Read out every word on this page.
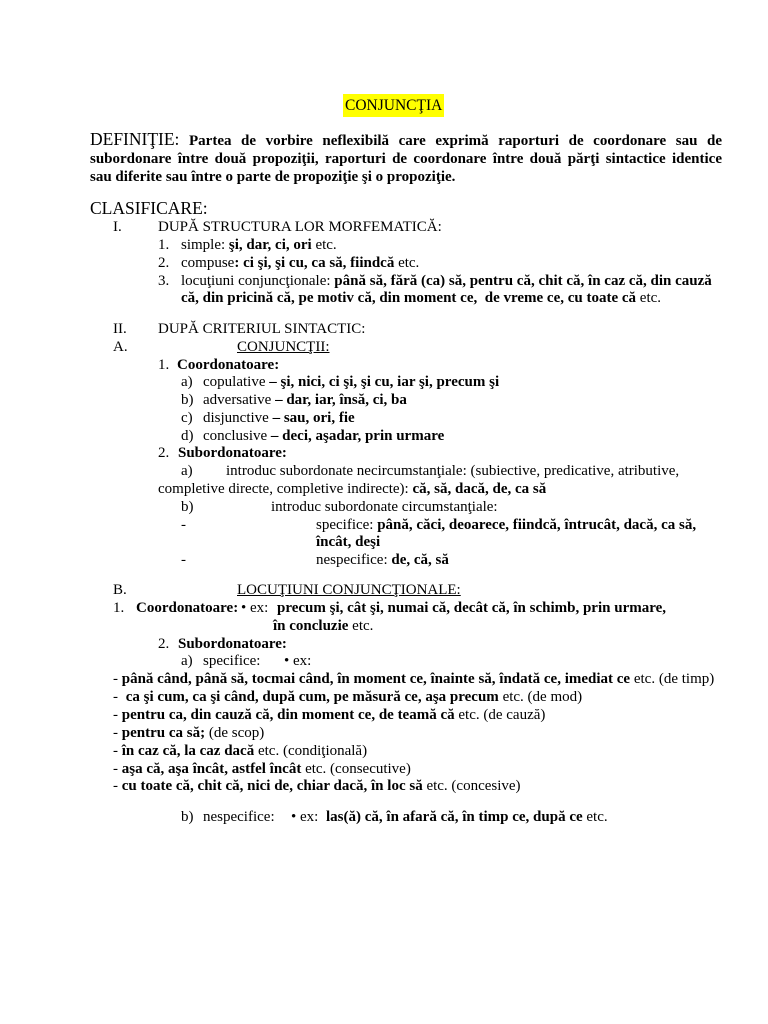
CONJUNCŢIA
DEFINIŢIE: Partea de vorbire neflexibilă care exprimă raporturi de coordonare sau de
subordonare între două propoziţii, raporturi de coordonare între două părţi sintactice identice
sau diferite sau între o parte de propoziţie şi o propoziţie.
CLASIFICARE:
I. DUPĂ STRUCTURA LOR MORFEMATICĂ:
1. simple: şi, dar, ci, ori etc.
2. compuse: ci şi, şi cu, ca să, fiindcă etc.
3. locuţiuni conjuncţionale: până să, fără (ca) să, pentru că, chit că, în caz că, din cauză
că, din pricină că, pe motiv că, din moment ce,  de vreme ce, cu toate că etc.
II. DUPĂ CRITERIUL SINTACTIC:
A.	CONJUNCŢII:
1. Coordonatoare:
a) copulative – şi, nici, ci şi, şi cu, iar şi, precum şi
b) adversative – dar, iar, însă, ci, ba
c) disjunctive – sau, ori, fie
d) conclusive – deci, aşadar, prin urmare
2. Subordonatoare:
a) introduc subordonate necircumstanţiale: (subiective, predicative, atributive,
completive directe, completive indirecte): că, să, dacă, de, ca să
b)	introduc subordonate circumstanţiale:
-	specifice: până, căci, deoarece, fiindcă, întrucât, dacă, ca să,
încât, deşi
-	nespecifice: de, că, să
B.	LOCUŢIUNI CONJUNCŢIONALE:
1. Coordonatoare: • ex: precum şi, cât şi, numai că, decât că, în schimb, prin urmare,
în concluzie etc.
2. Subordonatoare:
a) specifice: • ex:
- până când, până să, tocmai când, în moment ce, înainte să, îndată ce, imediat ce etc. (de timp)
- ca şi cum, ca şi când, după cum, pe măsură ce, aşa precum etc. (de mod)
- pentru ca, din cauză că, din moment ce, de teamă că etc. (de cauză)
- pentru ca să; (de scop)
- în caz că, la caz dacă etc. (condiţională)
- aşa că, aşa încât, astfel încât etc. (consecutive)
- cu toate că, chit că, nici de, chiar dacă, în loc să etc. (concesive)
b) nespecifice: • ex: las(ă) că, în afară că, în timp ce, după ce etc.
